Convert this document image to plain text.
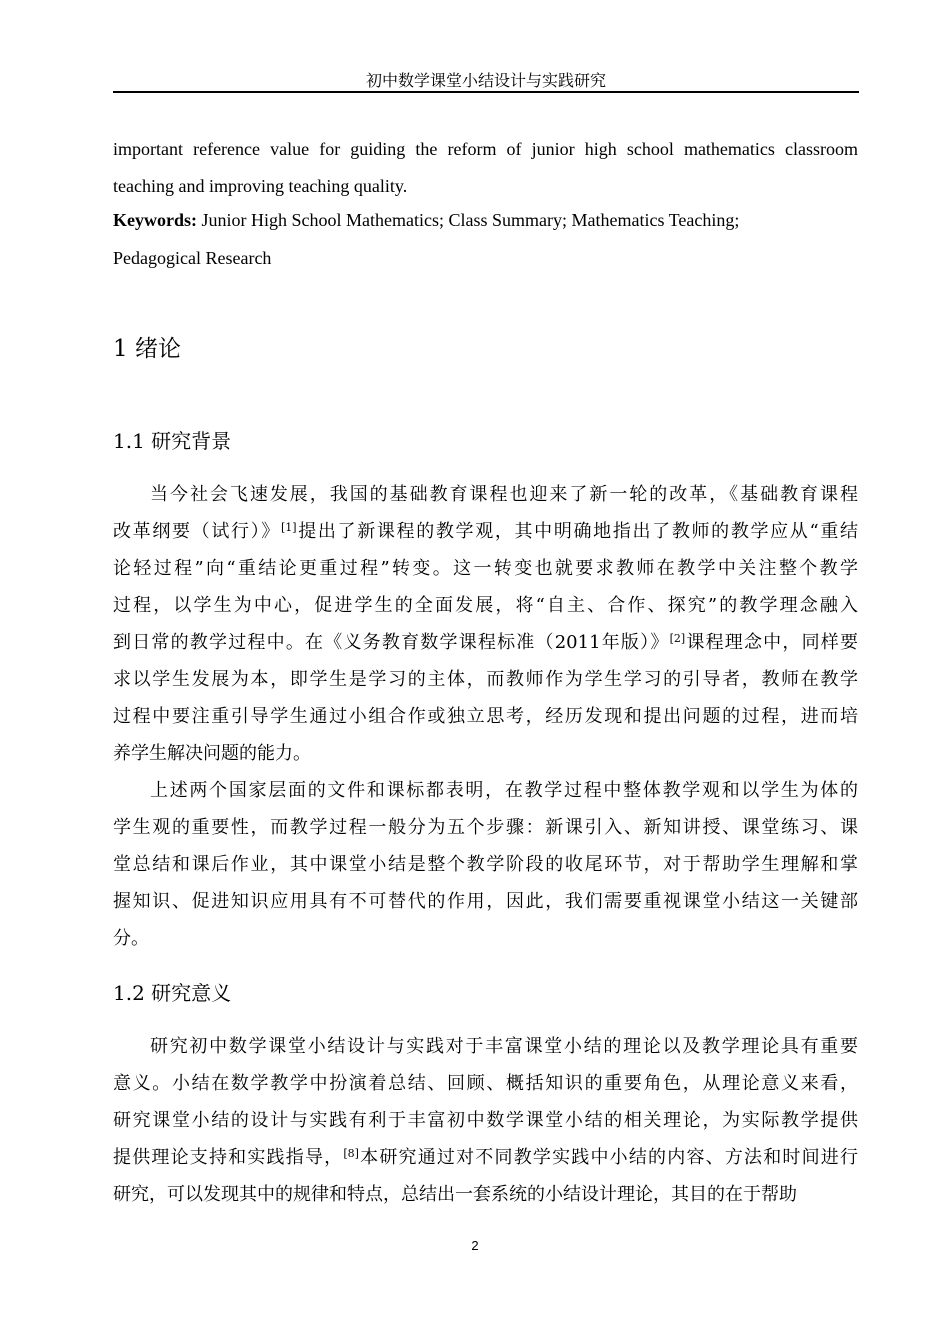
初中数学课堂小结设计与实践研究
important reference value for guiding the reform of junior high school mathematics classroom
teaching and improving teaching quality.
Keywords: Junior High School Mathematics; Class Summary; Mathematics Teaching;
Pedagogical Research
1 绪论
1.1 研究背景
当今社会飞速发展，我国的基础教育课程也迎来了新一轮的改革，《基础教育课程
改革纲要（试行）》[1]提出了新课程的教学观，其中明确地指出了教师的教学应从“重结
论轻过程”向“重结论更重过程”转变。这一转变也就要求教师在教学中关注整个教学
过程，以学生为中心，促进学生的全面发展，将“自主、合作、探究”的教学理念融入
到日常的教学过程中。在《义务教育数学课程标准（2011年版）》[2]课程理念中，同样要
求以学生发展为本，即学生是学习的主体，而教师作为学生学习的引导者，教师在教学
过程中要注重引导学生通过小组合作或独立思考，经历发现和提出问题的过程，进而培
养学生解决问题的能力。
上述两个国家层面的文件和课标都表明，在教学过程中整体教学观和以学生为体的
学生观的重要性，而教学过程一般分为五个步骤：新课引入、新知讲授、课堂练习、课
堂总结和课后作业，其中课堂小结是整个教学阶段的收尾环节，对于帮助学生理解和掌
握知识、促进知识应用具有不可替代的作用，因此，我们需要重视课堂小结这一关键部
分。
1.2 研究意义
研究初中数学课堂小结设计与实践对于丰富课堂小结的理论以及教学理论具有重要
意义。小结在数学教学中扮演着总结、回顾、概括知识的重要角色，从理论意义来看，
研究课堂小结的设计与实践有利于丰富初中数学课堂小结的相关理论，为实际教学提供
提供理论支持和实践指导，[8]本研究通过对不同教学实践中小结的内容、方法和时间进行
研究，可以发现其中的规律和特点，总结出一套系统的小结设计理论，其目的在于帮助
2
